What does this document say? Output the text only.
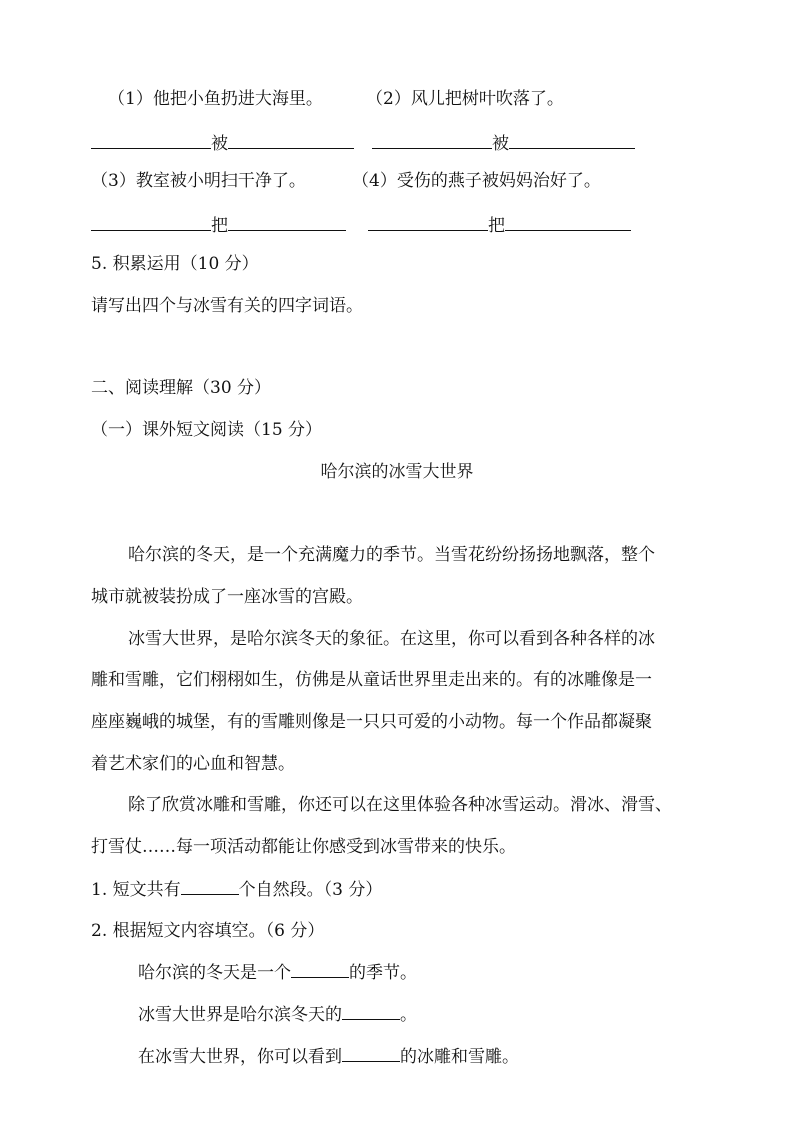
（1）他把小鱼扔进大海里。	（2）风儿把树叶吹落了。
被	被
（3）教室被小明扫干净了。	（4）受伤的燕子被妈妈治好了。
把	把
5. 积累运用（10 分）
请写出四个与冰雪有关的四字词语。
二、阅读理解（30 分）
（一）课外短文阅读（15 分）
哈尔滨的冰雪大世界
哈尔滨的冬天，是一个充满魔力的季节。当雪花纷纷扬扬地飘落，整个
城市就被装扮成了一座冰雪的宫殿。
冰雪大世界，是哈尔滨冬天的象征。在这里，你可以看到各种各样的冰
雕和雪雕，它们栩栩如生，仿佛是从童话世界里走出来的。有的冰雕像是一
座座巍峨的城堡，有的雪雕则像是一只只可爱的小动物。每一个作品都凝聚
着艺术家们的心血和智慧。
除了欣赏冰雕和雪雕，你还可以在这里体验各种冰雪运动。滑冰、滑雪、
打雪仗……每一项活动都能让你感受到冰雪带来的快乐。
1. 短文共有	个自然段。（3 分）
2. 根据短文内容填空。（6 分）
哈尔滨的冬天是一个	的季节。
冰雪大世界是哈尔滨冬天的	。
在冰雪大世界，你可以看到	的冰雕和雪雕。
